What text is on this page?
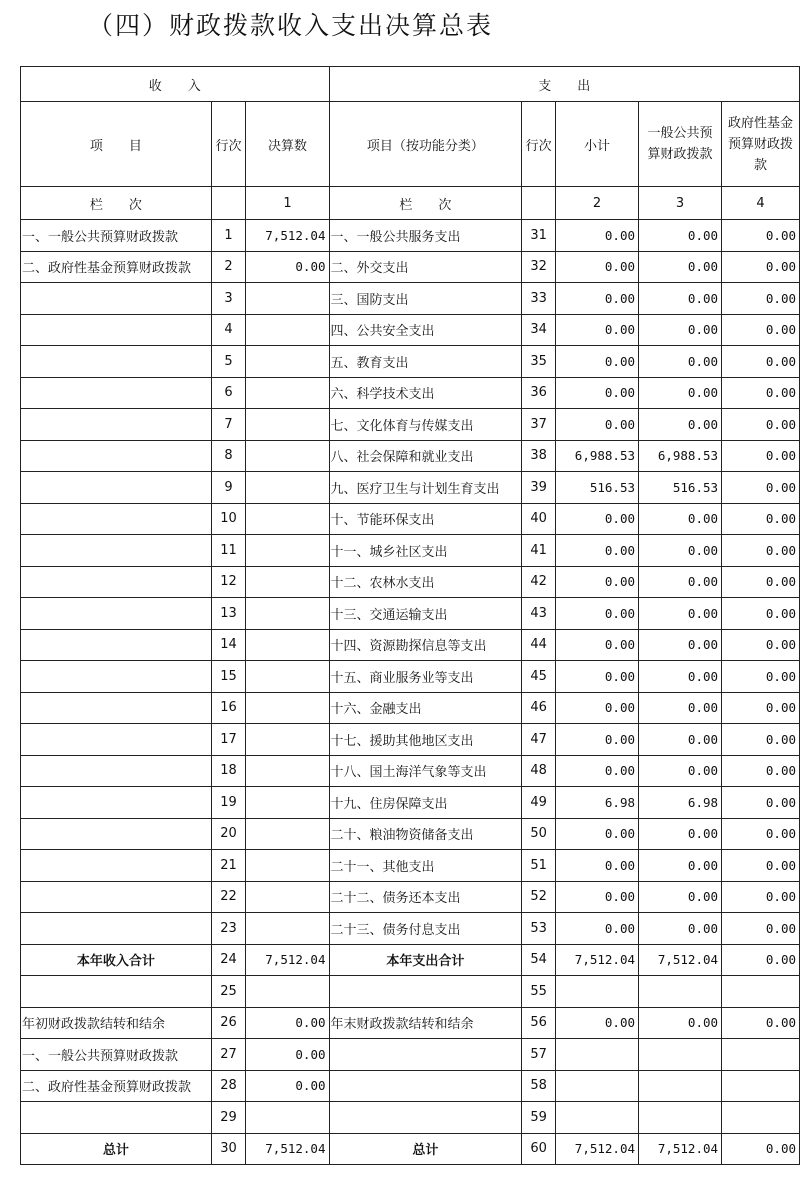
（四）财政拨款收入支出决算总表
收　　入			支　　出				
项　　目	行次	决算数	项目（按功能分类）	行次	小计	一般公共预算财政拨款	政府性基金预算财政拨款
栏　　次		1	栏　　次		2	3	4
一、一般公共预算财政拨款	1	7,512.04	一、一般公共服务支出	31	0.00	0.00	0.00
二、政府性基金预算财政拨款	2	0.00	二、外交支出	32	0.00	0.00	0.00
	3		三、国防支出	33	0.00	0.00	0.00
	4		四、公共安全支出	34	0.00	0.00	0.00
	5		五、教育支出	35	0.00	0.00	0.00
	6		六、科学技术支出	36	0.00	0.00	0.00
	7		七、文化体育与传媒支出	37	0.00	0.00	0.00
	8		八、社会保障和就业支出	38	6,988.53	6,988.53	0.00
	9		九、医疗卫生与计划生育支出	39	516.53	516.53	0.00
	10		十、节能环保支出	40	0.00	0.00	0.00
	11		十一、城乡社区支出	41	0.00	0.00	0.00
	12		十二、农林水支出	42	0.00	0.00	0.00
	13		十三、交通运输支出	43	0.00	0.00	0.00
	14		十四、资源勘探信息等支出	44	0.00	0.00	0.00
	15		十五、商业服务业等支出	45	0.00	0.00	0.00
	16		十六、金融支出	46	0.00	0.00	0.00
	17		十七、援助其他地区支出	47	0.00	0.00	0.00
	18		十八、国土海洋气象等支出	48	0.00	0.00	0.00
	19		十九、住房保障支出	49	6.98	6.98	0.00
	20		二十、粮油物资储备支出	50	0.00	0.00	0.00
	21		二十一、其他支出	51	0.00	0.00	0.00
	22		二十二、债务还本支出	52	0.00	0.00	0.00
	23		二十三、债务付息支出	53	0.00	0.00	0.00
本年收入合计	24	7,512.04	本年支出合计	54	7,512.04	7,512.04	0.00
	25			55			
年初财政拨款结转和结余	26	0.00	年末财政拨款结转和结余	56	0.00	0.00	0.00
一、一般公共预算财政拨款	27	0.00		57			
二、政府性基金预算财政拨款	28	0.00		58			
	29			59			
总计	30	7,512.04	总计	60	7,512.04	7,512.04	0.00
